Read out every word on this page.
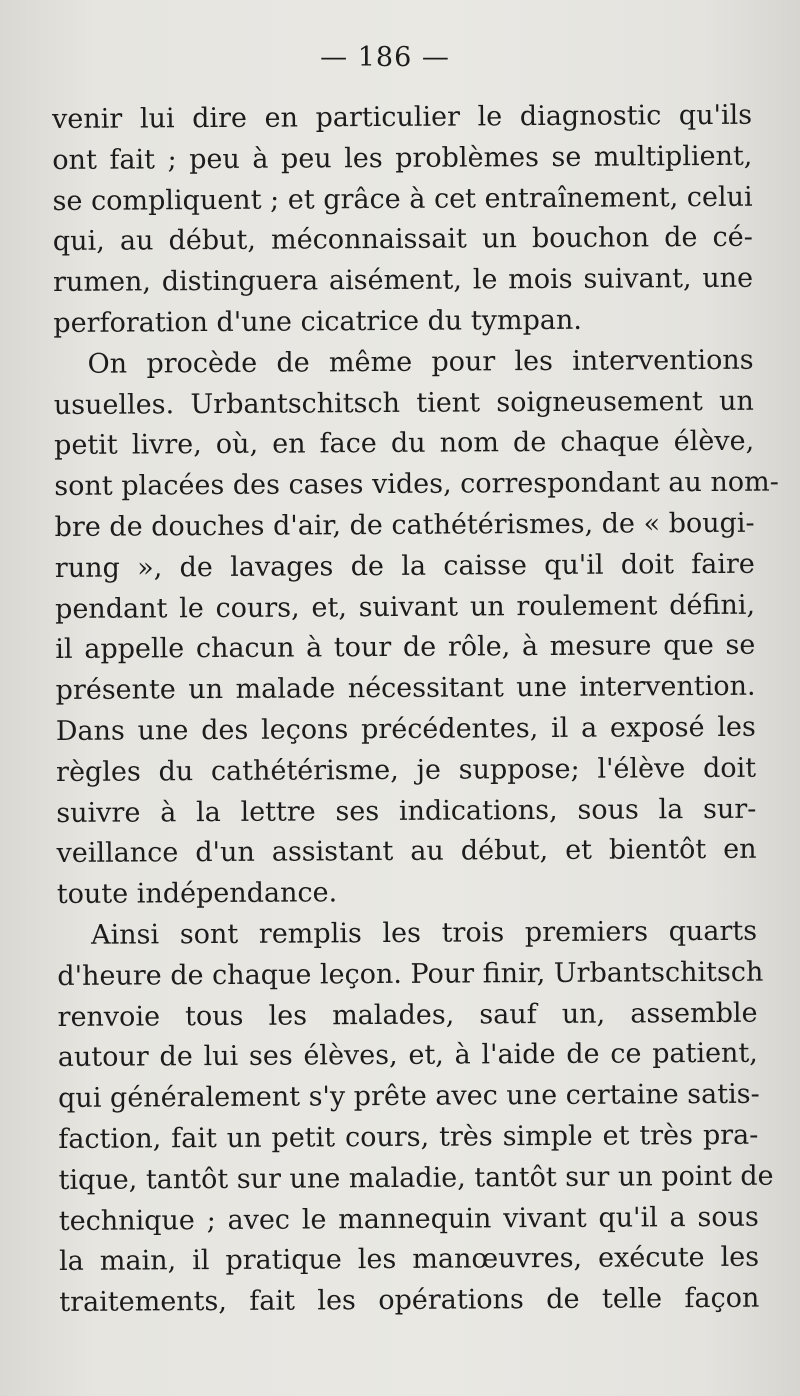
— 186 —
venir lui dire en particulier le diagnostic qu'ils
ont fait ; peu à peu les problèmes se multiplient,
se compliquent ; et grâce à cet entraînement, celui
qui, au début, méconnaissait un bouchon de cé-
rumen, distinguera aisément, le mois suivant, une
perforation d'une cicatrice du tympan.
On procède de même pour les interventions
usuelles. Urbantschitsch tient soigneusement un
petit livre, où, en face du nom de chaque élève,
sont placées des cases vides, correspondant au nom-
bre de douches d'air, de cathétérismes, de « bougi-
rung », de lavages de la caisse qu'il doit faire
pendant le cours, et, suivant un roulement défini,
il appelle chacun à tour de rôle, à mesure que se
présente un malade nécessitant une intervention.
Dans une des leçons précédentes, il a exposé les
règles du cathétérisme, je suppose; l'élève doit
suivre à la lettre ses indications, sous la sur-
veillance d'un assistant au début, et bientôt en
toute indépendance.
Ainsi sont remplis les trois premiers quarts
d'heure de chaque leçon. Pour finir, Urbantschitsch
renvoie tous les malades, sauf un, assemble
autour de lui ses élèves, et, à l'aide de ce patient,
qui généralement s'y prête avec une certaine satis-
faction, fait un petit cours, très simple et très pra-
tique, tantôt sur une maladie, tantôt sur un point de
technique ; avec le mannequin vivant qu'il a sous
la main, il pratique les manœuvres, exécute les
traitements, fait les opérations de telle façon
